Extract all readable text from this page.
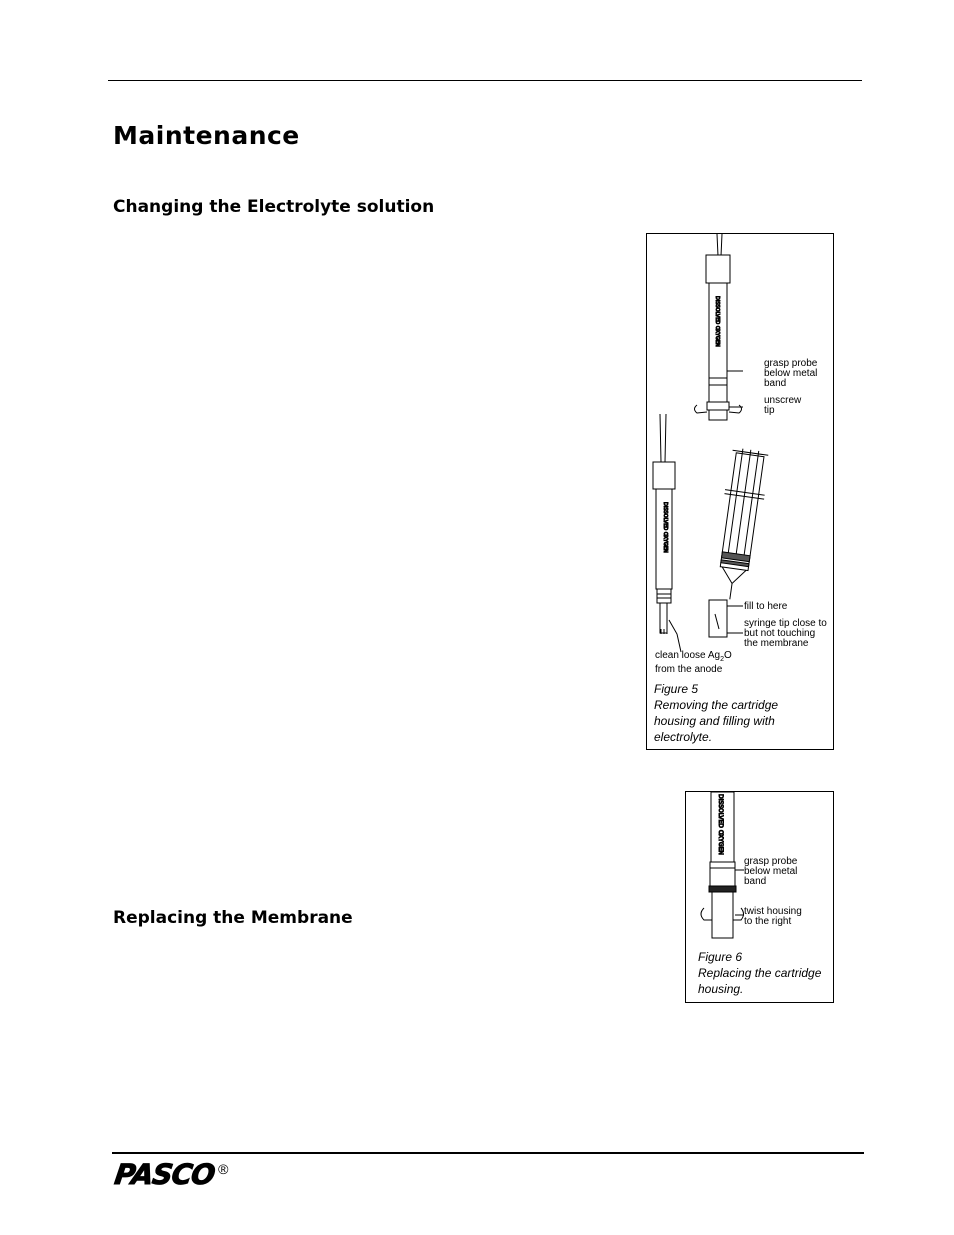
Maintenance
Changing the Electrolyte solution
Replacing the Membrane
DISSOLVED OXYGEN
DISSOLVED OXYGEN
grasp probe
below metal
band
unscrew
tip
fill to here
syringe tip close to
but not touching
the membrane
clean loose $Ag_2O$
from the anode
Figure 5
Removing the cartridge housing and filling with electrolyte.
DISSOLVED OXYGEN
grasp probe
below metal
band
twist housing
to the right
Figure 6
Replacing the cartridge housing.
PASCO ®
